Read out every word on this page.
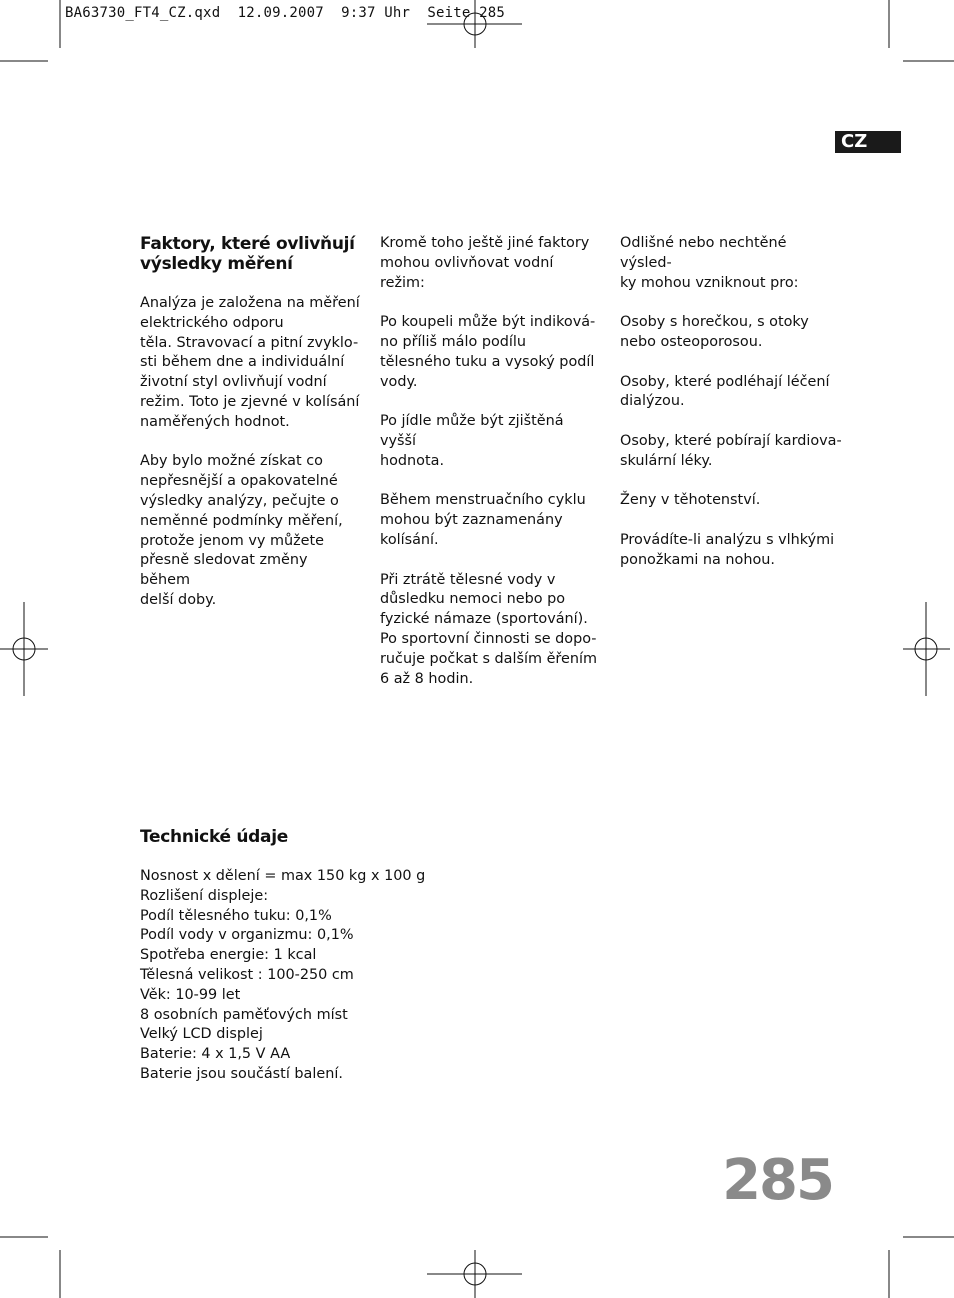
BA63730_FT4_CZ.qxd  12.09.2007  9:37 Uhr  Seite 285
CZ

Faktory, které ovlivňují výsledky měření

Analýza je založena na měření
elektrického odporu
těla. Stravovací a pitní zvyklo-
sti během dne a individuální
životní styl ovlivňují vodní
režim. Toto je zjevné v kolísání
naměřených hodnot.

Aby bylo možné získat co
nepřesnější a opakovatelné
výsledky analýzy, pečujte o
neměnné podmínky měření,
protože jenom vy můžete
přesně sledovat změny během
delší doby.

Kromě toho ještě jiné faktory
mohou ovlivňovat vodní
režim:

Po koupeli může být indiková-
no příliš málo podílu
tělesného tuku a vysoký podíl
vody.

Po jídle může být zjištěná vyšší
hodnota.

Během menstruačního cyklu
mohou být zaznamenány
kolísání.

Při ztrátě tělesné vody v
důsledku nemoci nebo po
fyzické námaze (sportování).
Po sportovní činnosti se dopo-
ručuje počkat s dalším ěřením
6 až 8 hodin.

Odlišné nebo nechtěné výsled-
ky mohou vzniknout pro:

Osoby s horečkou, s otoky
nebo osteoporosou.

Osoby, které podléhají léčení
dialýzou.

Osoby, které pobírají kardiova-
skulární léky.

Ženy v těhotenství.

Provádíte-li analýzu s vlhkými
ponožkami na nohou.

Technické údaje

Nosnost x dělení = max 150 kg x 100 g
Rozlišení displeje:
Podíl tělesného tuku: 0,1%
Podíl vody v organizmu: 0,1%
Spotřeba energie: 1 kcal
Tělesná velikost : 100-250 cm
Věk: 10-99 let
8 osobních paměťových míst
Velký LCD displej
Baterie: 4 x 1,5 V AA
Baterie jsou součástí balení.
285
